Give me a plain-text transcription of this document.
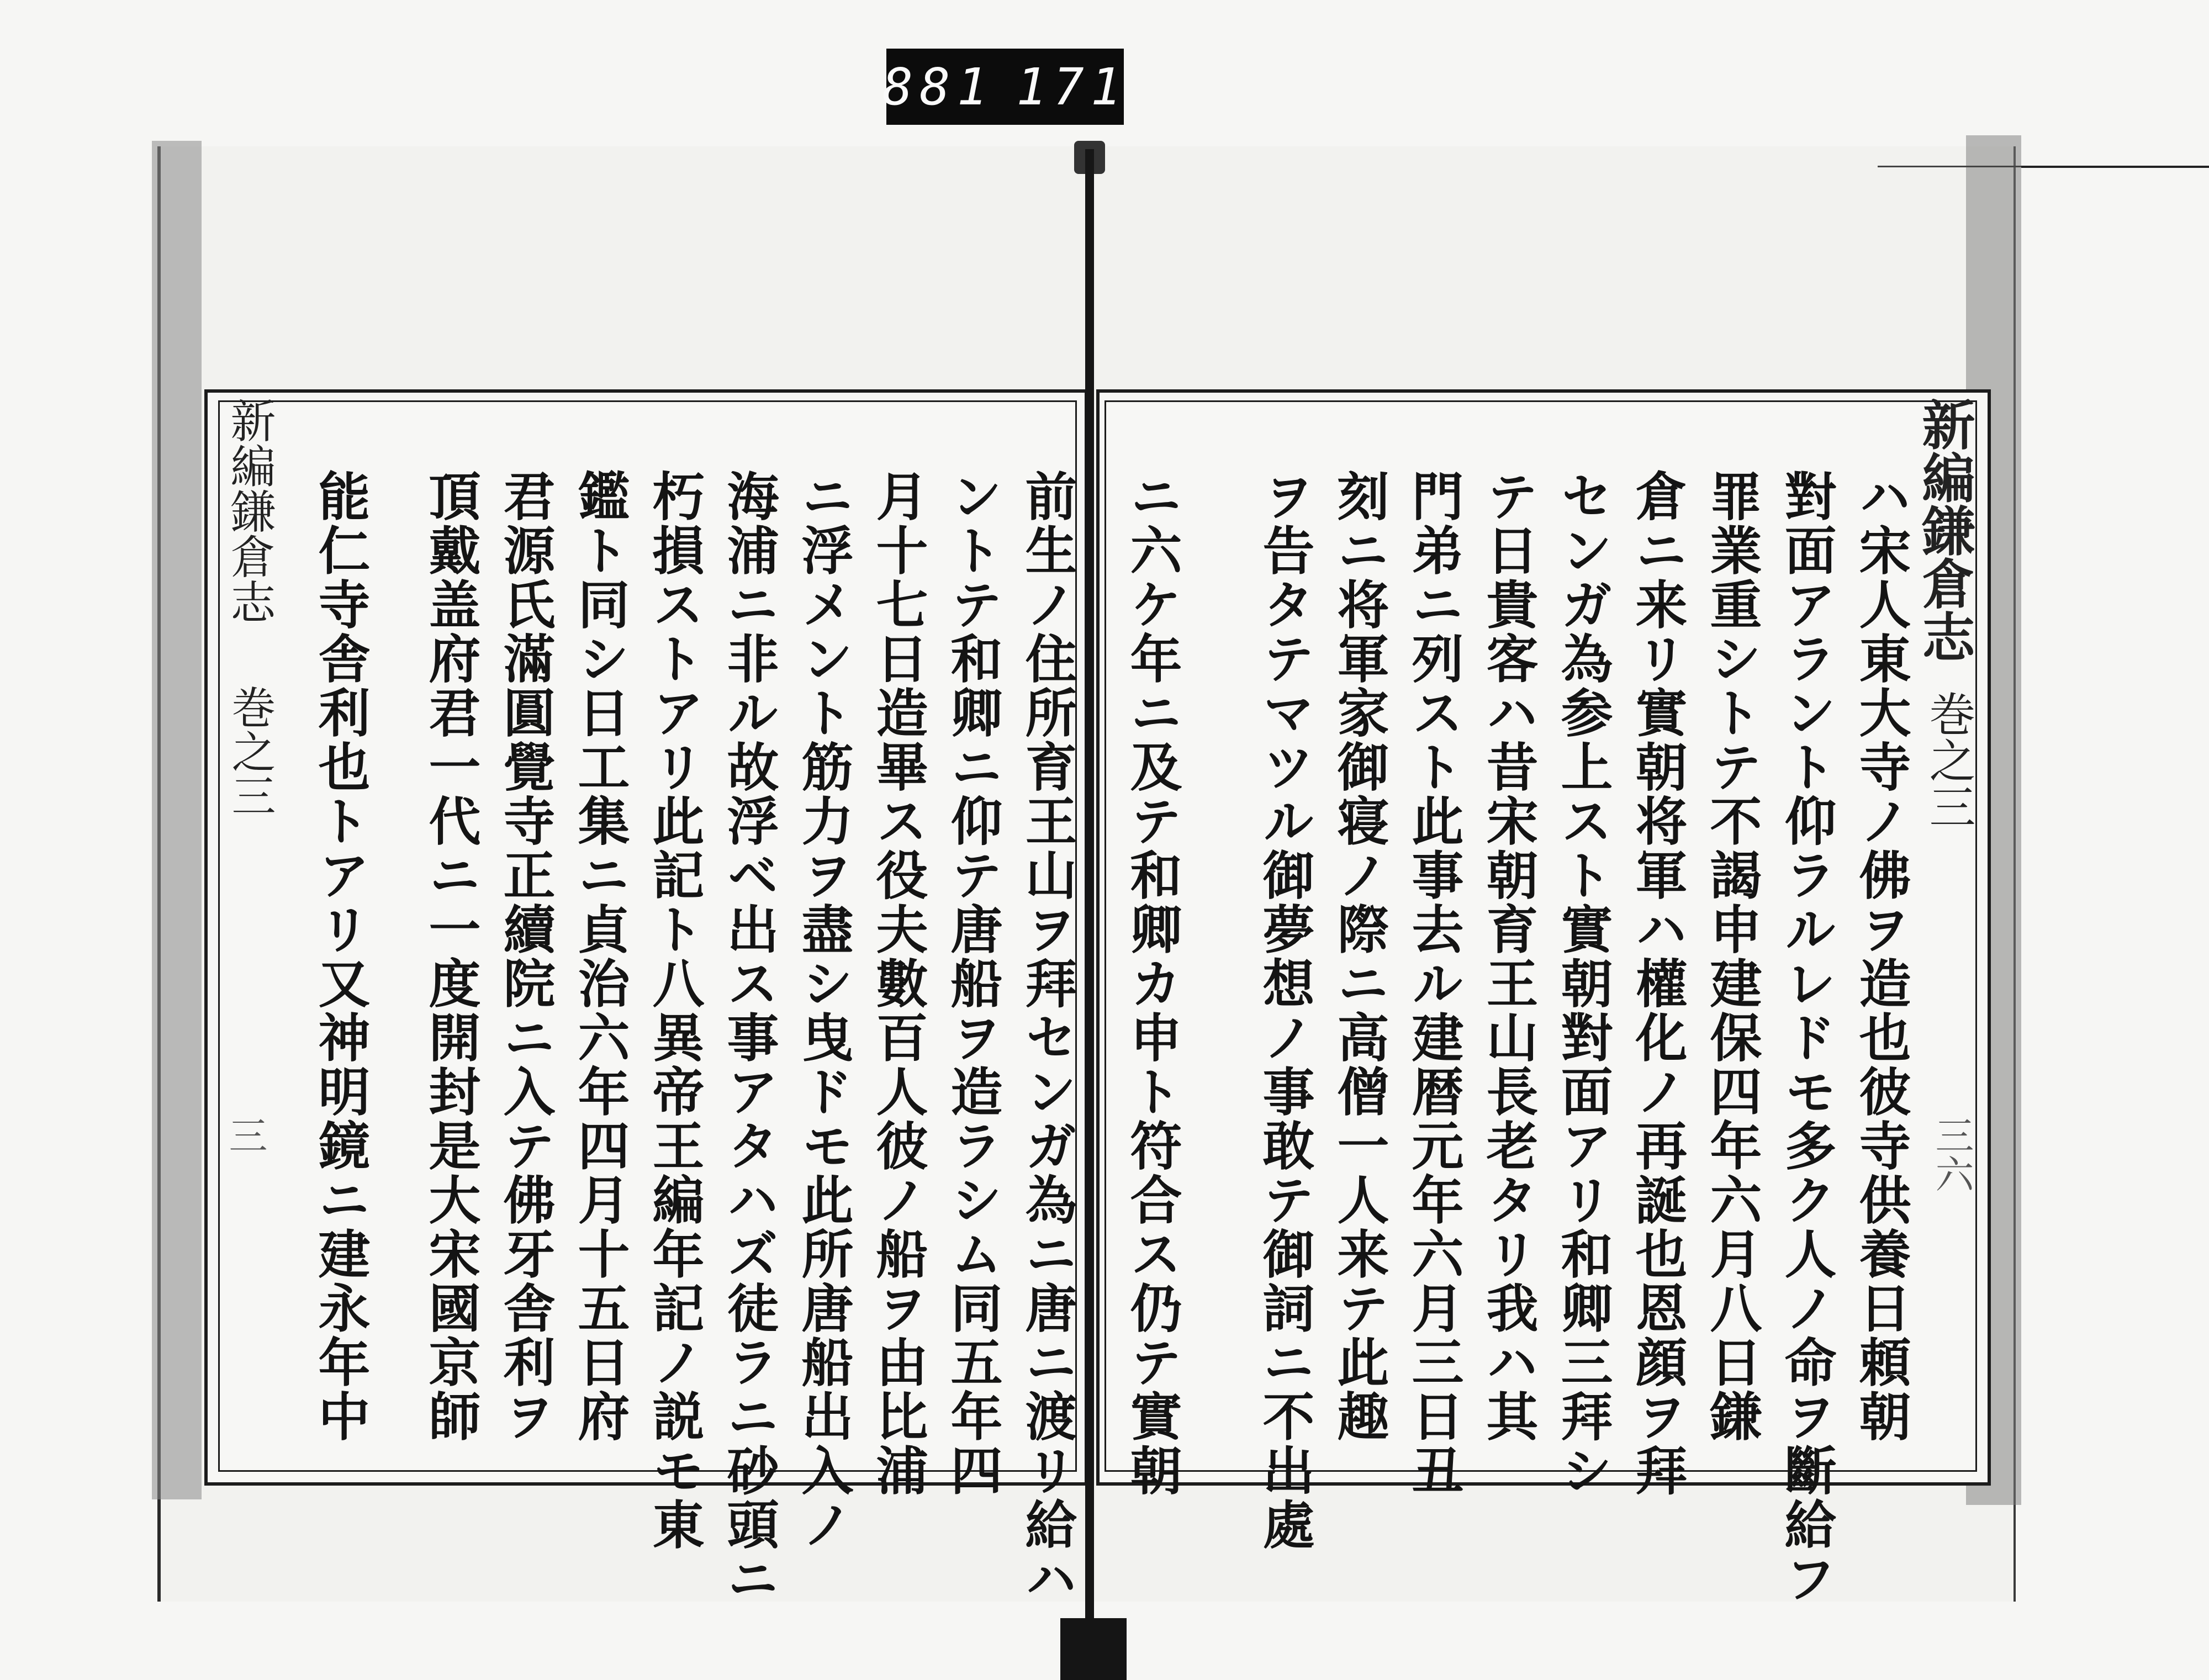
881 171
新編鎌倉志
巻之三
三六
新編鎌倉志
巻之三
三	ハ宋人東大寺ノ佛ヲ造也彼寺供養日頼朝
對面アラント仰ラルレドモ多ク人ノ命ヲ斷給フ
罪業重シトテ不謁申建保四年六月八日鎌
倉ニ来リ實朝将軍ハ權化ノ再誕也恩顔ヲ拜
センガ為参上スト實朝對面アリ和卿三拜シ
テ日貴客ハ昔宋朝育王山長老タリ我ハ其
門弟ニ列スト此事去ル建暦元年六月三日丑
刻ニ将軍家御寝ノ際ニ高僧一人来テ此趣
ヲ告タテマツル御夢想ノ事敢テ御詞ニ不出處
ニ六ケ年ニ及テ和卿カ申ト符合ス仍テ實朝
前生ノ住所育王山ヲ拜センガ為ニ唐ニ渡リ給ハ
ントテ和卿ニ仰テ唐船ヲ造ラシム同五年四
月十七日造畢ス役夫數百人彼ノ船ヲ由比浦
ニ浮メント筋力ヲ盡シ曳ドモ此所唐船出入ノ
海浦ニ非ル故浮ベ出ス事アタハズ徒ラニ砂頭ニ
朽損ストアリ此記ト八異帝王編年記ノ説モ東
鑑ト同シ日工集ニ貞治六年四月十五日府
君源氏滿圓覺寺正續院ニ入テ佛牙舎利ヲ
頂戴盖府君一代ニ一度開封是大宋國京師
能仁寺舎利也トアリ又神明鏡ニ建永年中
